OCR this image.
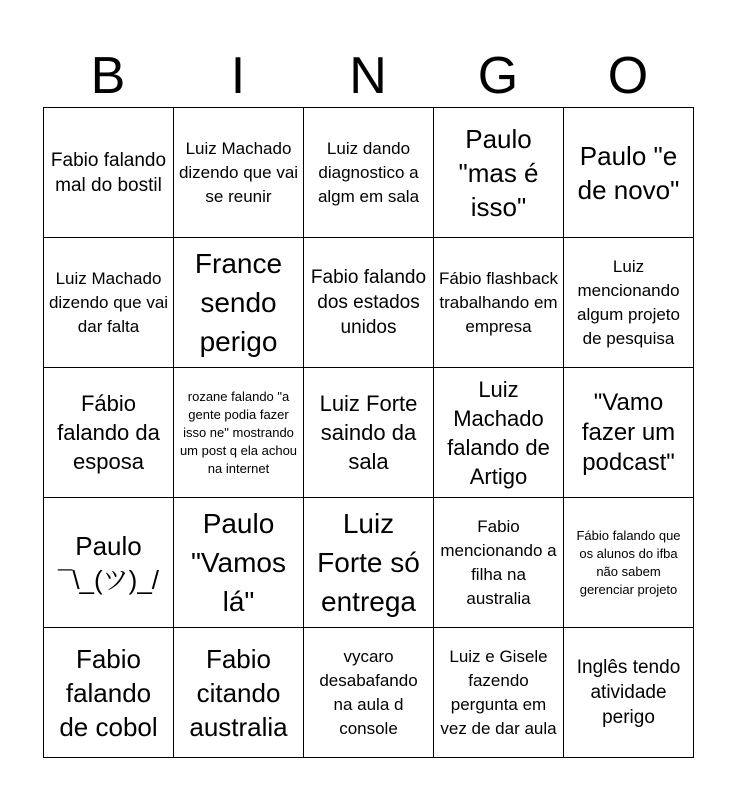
B	I	N	G	O
Fabio falando mal do bostil	Luiz Machado dizendo que vai se reunir	Luiz dando diagnostico a algm em sala	Paulo "mas é isso"	Paulo "e de novo"

Luiz Machado dizendo que vai dar falta	France sendo perigo	Fabio falando dos estados unidos	Fábio flashback trabalhando em empresa	Luiz mencionando algum projeto de pesquisa

Fábio falando da esposa	rozane falando "a gente podia fazer isso ne" mostrando um post q ela achou na internet	Luiz Forte saindo da sala	Luiz Machado falando de Artigo	"Vamo fazer um podcast"

Paulo ¯\_(ツ)_/	Paulo "Vamos lá"	Luiz Forte só entrega	Fabio mencionando a filha na australia	Fábio falando que os alunos do ifba não sabem gerenciar projeto

Fabio falando de cobol	Fabio citando australia	vycaro desabafando na aula d console	Luiz e Gisele fazendo pergunta em vez de dar aula	Inglês tendo atividade perigo
